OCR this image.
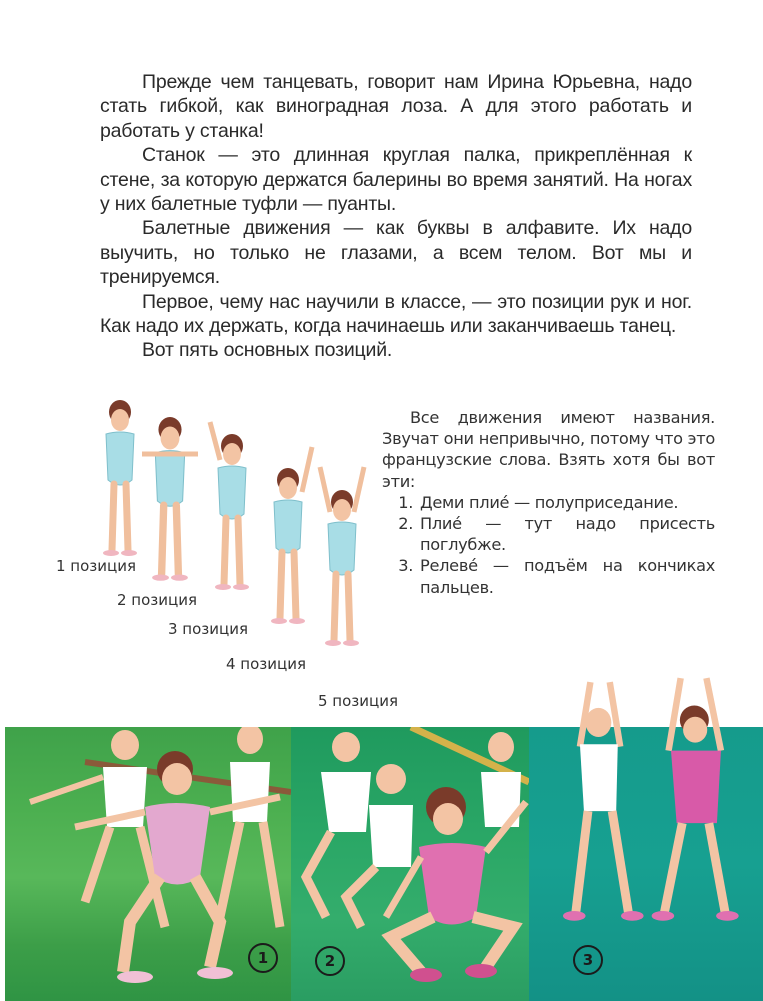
Прежде чем танцевать, говорит нам Ирина Юрьевна, надо стать гибкой, как виноградная лоза. А для этого работать и работать у станка!

Станок — это длинная круглая палка, прикреплённая к стене, за которую держатся балерины во время занятий. На ногах у них балетные туфли — пуанты.

Балетные движения — как буквы в алфавите. Их надо выучить, но только не глазами, а всем телом. Вот мы и тренируемся.

Первое, чему нас научили в классе, — это позиции рук и ног. Как надо их держать, когда начинаешь или заканчиваешь танец.

Вот пять основных позиций.

1 позиция
2 позиция
3 позиция
4 позиция
5 позиция

Все движения имеют названия. Звучат они непривычно, потому что это французские слова. Взять хотя бы вот эти:

1. Деми плие́ — полуприседание.
2. Плие́ — тут надо присесть поглубже.
3. Релеве́ — подъём на кончиках пальцев.
1	2	3
